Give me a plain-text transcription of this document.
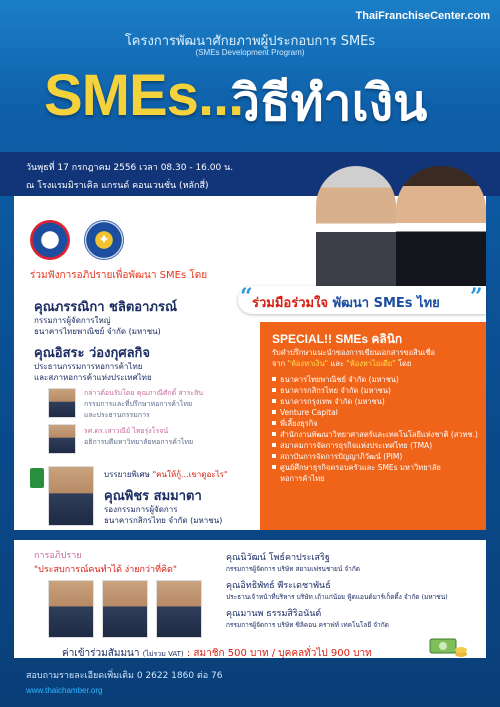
ThaiFranchiseCenter.com
โครงการพัฒนาศักยภาพผู้ประกอบการ SMEs
(SMEs Development Program)
SMEs...
วิธีทำเงิน
วันพุธที่ 17 กรกฎาคม 2556 เวลา 08.30 - 16.00 น.
ณ โรงแรมมิราเคิล แกรนด์ คอนเวนชั่น (หลักสี่)
★	✦
ร่วมฟังการอภิปรายเพื่อพัฒนา SMEs โดย
“ ร่วมมือร่วมใจ พัฒนา SMEs ไทย ”
คุณภรรณิกา ชลิตอาภรณ์
กรรมการผู้จัดการใหญ่
ธนาคารไทยพาณิชย์ จำกัด (มหาชน)
คุณอิสระ ว่องกุศลกิจ
ประธานกรรมการหอการค้าไทย
และสภาหอการค้าแห่งประเทศไทย
กล่าวต้อนรับโดย คุณภาณีศักดิ์ สาระสิน
กรรมการและที่ปรึกษาหอการค้าไทย
และประธานกรรมการ
รศ.ดร.เสาวณีย์ ไทยรุ่งโรจน์
อธิการบดีมหาวิทยาลัยหอการค้าไทย
บรรยายพิเศษ "คนให้กู้...เขาดูอะไร"
คุณพิชร สมมาตา
รองกรรมการผู้จัดการ
ธนาคารกสิกรไทย จำกัด (มหาชน)
SPECIAL!! SMEs คลินิก
รับคำปรึกษาแนะนำของการเขียนเอกสารขอสินเชื่อ
จาก "ห้องหาเงิน" และ "ห้องหาไอเดีย" โดย
ธนาคารไทยพาณิชย์ จำกัด (มหาชน)
ธนาคารกสิกรไทย จำกัด (มหาชน)
ธนาคารกรุงเทพ จำกัด (มหาชน)
Venture Capital
พี่เลี้ยงธุรกิจ
สำนักงานพัฒนาวิทยาศาสตร์และเทคโนโลยีแห่งชาติ (สวทช.)
สมาคมการจัดการธุรกิจแห่งประเทศไทย (TMA)
สถาบันการจัดการปัญญาภิวัฒน์ (PIM)
ศูนย์ศึกษาธุรกิจครอบครัวและ SMEs มหาวิทยาลัยหอการค้าไทย
การอภิปราย
"ประสบการณ์คนทำได้ ง่ายกว่าที่คิด"
คุณนิวัฒน์ โพธ์คาประเสริฐ
กรรมการผู้จัดการ บริษัท สยามเฟรนชายน์ จำกัด
คุณอิทธิพัทธ์ พีระเดชาพันธ์
ประธานเจ้าหน้าที่บริหาร บริษัท เถ้าแก่น้อย ฟู้ดแอนด์มาร์เก็ตติ้ง จำกัด (มหาชน)
คุณมานพ ธรรมสิริอนันต์
กรรมการผู้จัดการ บริษัท ซิลิคอน คราฟท์ เทคโนโลยี จำกัด
ค่าเข้าร่วมสัมมนา (ไม่รวม VAT) : สมาชิก 500 บาท / บุคคลทั่วไป 900 บาท
สอบถามรายละเอียดเพิ่มเติม 0 2622 1860 ต่อ 76
www.thaichamber.org
